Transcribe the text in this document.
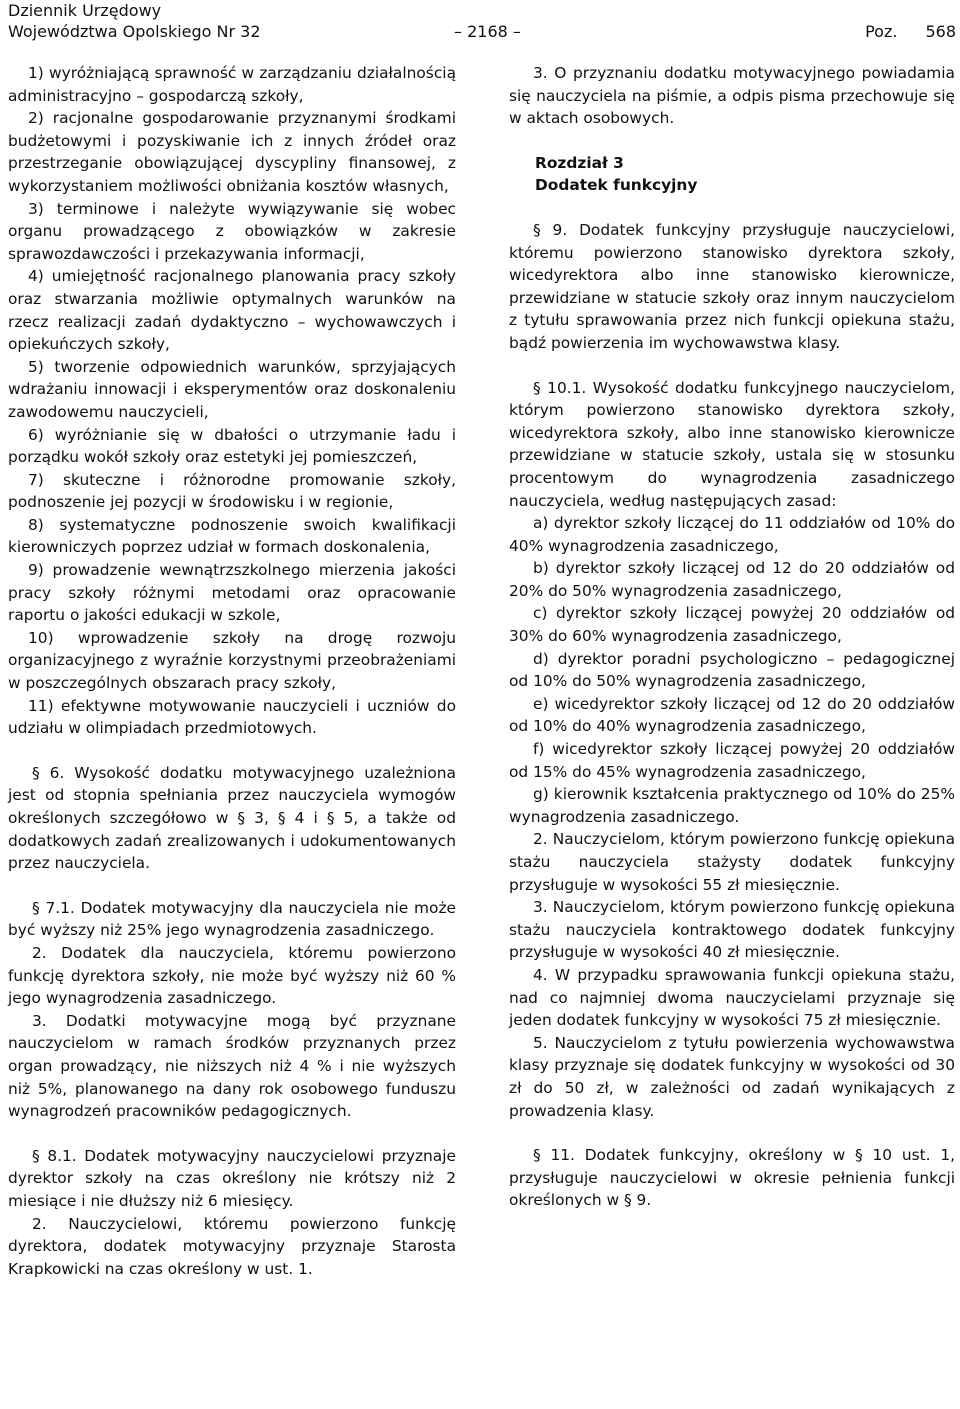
Dziennik Urzędowy
Województwa Opolskiego Nr 32	– 2168 –	Poz. 568

1) wyróżniającą sprawność w zarządzaniu działalnością administracyjno – gospodarczą szkoły,

2) racjonalne gospodarowanie przyznanymi środkami budżetowymi i pozyskiwanie ich z innych źródeł oraz przestrzeganie obowiązującej dyscypliny finansowej, z wykorzystaniem możliwości obniżania kosztów własnych,

3) terminowe i należyte wywiązywanie się wobec organu prowadzącego z obowiązków w zakresie sprawozdawczości i przekazywania informacji,

4) umiejętność racjonalnego planowania pracy szkoły oraz stwarzania możliwie optymalnych warunków na rzecz realizacji zadań dydaktyczno – wychowawczych i opiekuńczych szkoły,

5) tworzenie odpowiednich warunków, sprzyjających wdrażaniu innowacji i eksperymentów oraz doskonaleniu zawodowemu nauczycieli,

6) wyróżnianie się w dbałości o utrzymanie ładu i porządku wokół szkoły oraz estetyki jej pomieszczeń,

7) skuteczne i różnorodne promowanie szkoły, podnoszenie jej pozycji w środowisku i w regionie,

8) systematyczne podnoszenie swoich kwalifikacji kierowniczych poprzez udział w formach doskonalenia,

9) prowadzenie wewnątrzszkolnego mierzenia jakości pracy szkoły różnymi metodami oraz opracowanie raportu o jakości edukacji w szkole,

10) wprowadzenie szkoły na drogę rozwoju organizacyjnego z wyraźnie korzystnymi przeobrażeniami w poszczególnych obszarach pracy szkoły,

11) efektywne motywowanie nauczycieli i uczniów do udziału w olimpiadach przedmiotowych.

§ 6. Wysokość dodatku motywacyjnego uzależniona jest od stopnia spełniania przez nauczyciela wymogów określonych szczegółowo w § 3, § 4 i § 5, a także od dodatkowych zadań zrealizowanych i udokumentowanych przez nauczyciela.

§ 7.1. Dodatek motywacyjny dla nauczyciela nie może być wyższy niż 25% jego wynagrodzenia zasadniczego.

2. Dodatek dla nauczyciela, któremu powierzono funkcję dyrektora szkoły, nie może być wyższy niż 60 % jego wynagrodzenia zasadniczego.

3. Dodatki motywacyjne mogą być przyznane nauczycielom w ramach środków przyznanych przez organ prowadzący, nie niższych niż 4 % i nie wyższych niż 5%, planowanego na dany rok osobowego funduszu wynagrodzeń pracowników pedagogicznych.

§ 8.1. Dodatek motywacyjny nauczycielowi przyznaje dyrektor szkoły na czas określony nie krótszy niż 2 miesiące i nie dłuższy niż 6 miesięcy.

2. Nauczycielowi, któremu powierzono funkcję dyrektora, dodatek motywacyjny przyznaje Starosta Krapkowicki na czas określony w ust. 1.

3. O przyznaniu dodatku motywacyjnego powiadamia się nauczyciela na piśmie, a odpis pisma przechowuje się w aktach osobowych.

Rozdział 3
Dodatek funkcyjny

§ 9. Dodatek funkcyjny przysługuje nauczycielowi, któremu powierzono stanowisko dyrektora szkoły, wicedyrektora albo inne stanowisko kierownicze, przewidziane w statucie szkoły oraz innym nauczycielom z tytułu sprawowania przez nich funkcji opiekuna stażu, bądź powierzenia im wychowawstwa klasy.

§ 10.1. Wysokość dodatku funkcyjnego nauczycielom, którym powierzono stanowisko dyrektora szkoły, wicedyrektora szkoły, albo inne stanowisko kierownicze przewidziane w statucie szkoły, ustala się w stosunku procentowym do wynagrodzenia zasadniczego nauczyciela, według następujących zasad:

a) dyrektor szkoły liczącej do 11 oddziałów od 10% do 40% wynagrodzenia zasadniczego,

b) dyrektor szkoły liczącej od 12 do 20 oddziałów od 20% do 50% wynagrodzenia zasadniczego,

c) dyrektor szkoły liczącej powyżej 20 oddziałów od 30% do 60% wynagrodzenia zasadniczego,

d) dyrektor poradni psychologiczno – pedagogicznej od 10% do 50% wynagrodzenia zasadniczego,

e) wicedyrektor szkoły liczącej od 12 do 20 oddziałów od 10% do 40% wynagrodzenia zasadniczego,

f) wicedyrektor szkoły liczącej powyżej 20 oddziałów od 15% do 45% wynagrodzenia zasadniczego,

g) kierownik kształcenia praktycznego od 10% do 25% wynagrodzenia zasadniczego.

2. Nauczycielom, którym powierzono funkcję opiekuna stażu nauczyciela stażysty dodatek funkcyjny przysługuje w wysokości 55 zł miesięcznie.

3. Nauczycielom, którym powierzono funkcję opiekuna stażu nauczyciela kontraktowego dodatek funkcyjny przysługuje w wysokości 40 zł miesięcznie.

4. W przypadku sprawowania funkcji opiekuna stażu, nad co najmniej dwoma nauczycielami przyznaje się jeden dodatek funkcyjny w wysokości 75 zł miesięcznie.

5. Nauczycielom z tytułu powierzenia wychowawstwa klasy przyznaje się dodatek funkcyjny w wysokości od 30 zł do 50 zł, w zależności od zadań wynikających z prowadzenia klasy.

§ 11. Dodatek funkcyjny, określony w § 10 ust. 1, przysługuje nauczycielowi w okresie pełnienia funkcji określonych w § 9.
